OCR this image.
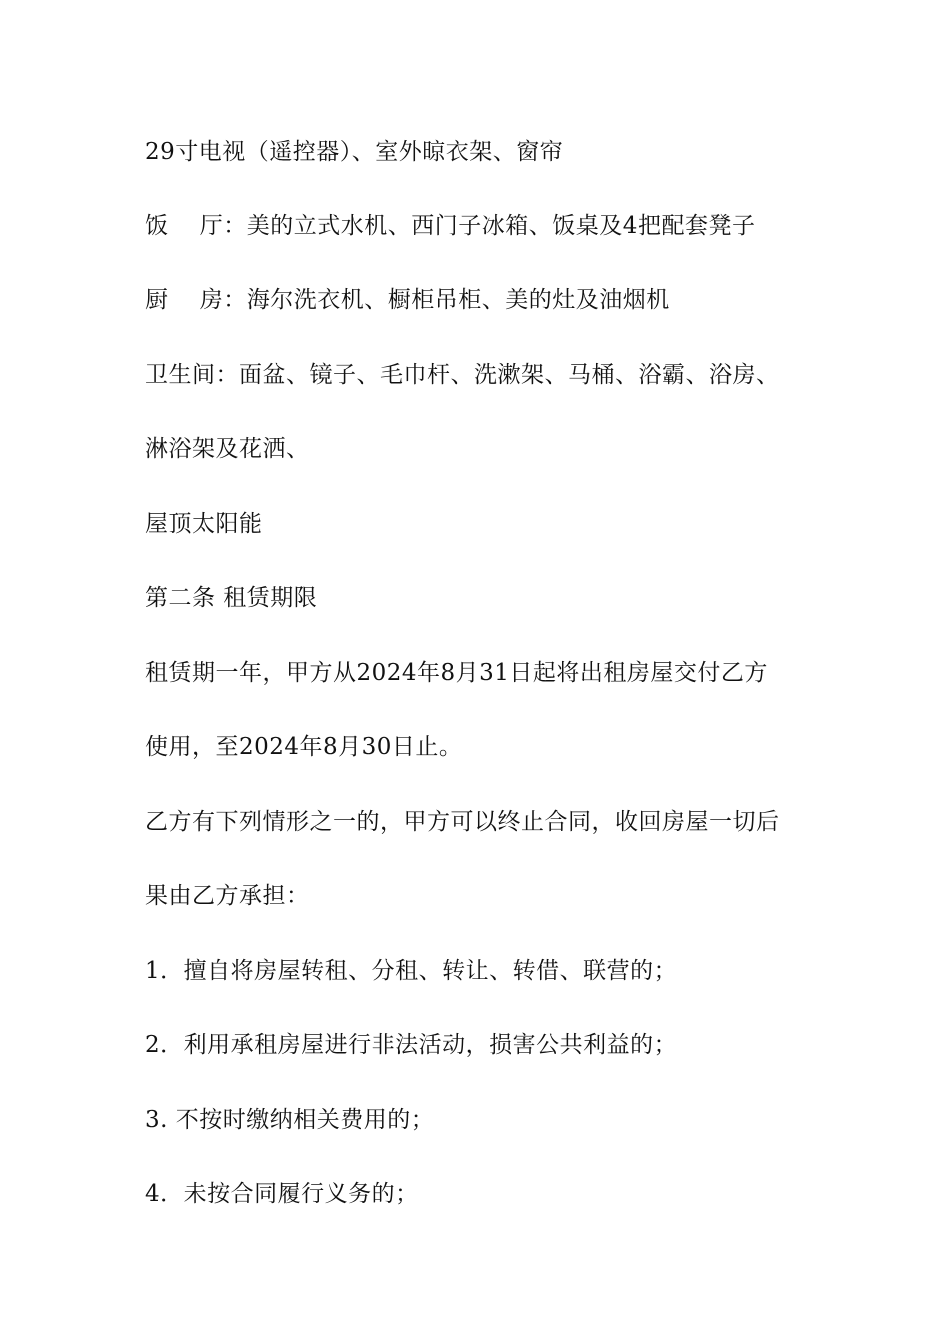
29寸电视（遥控器）、室外晾衣架、窗帘
饭　 厅：美的立式水机、西门子冰箱、饭桌及4把配套凳子
厨　 房：海尔洗衣机、橱柜吊柜、美的灶及油烟机
卫生间：面盆、镜子、毛巾杆、洗漱架、马桶、浴霸、浴房、
淋浴架及花洒、
屋顶太阳能
第二条 租赁期限
租赁期一年，甲方从2024年8月31日起将出租房屋交付乙方
使用，至2024年8月30日止。
乙方有下列情形之一的，甲方可以终止合同，收回房屋一切后
果由乙方承担：
1．擅自将房屋转租、分租、转让、转借、联营的；
2．利用承租房屋进行非法活动，损害公共利益的；
3. 不按时缴纳相关费用的；
4．未按合同履行义务的；
